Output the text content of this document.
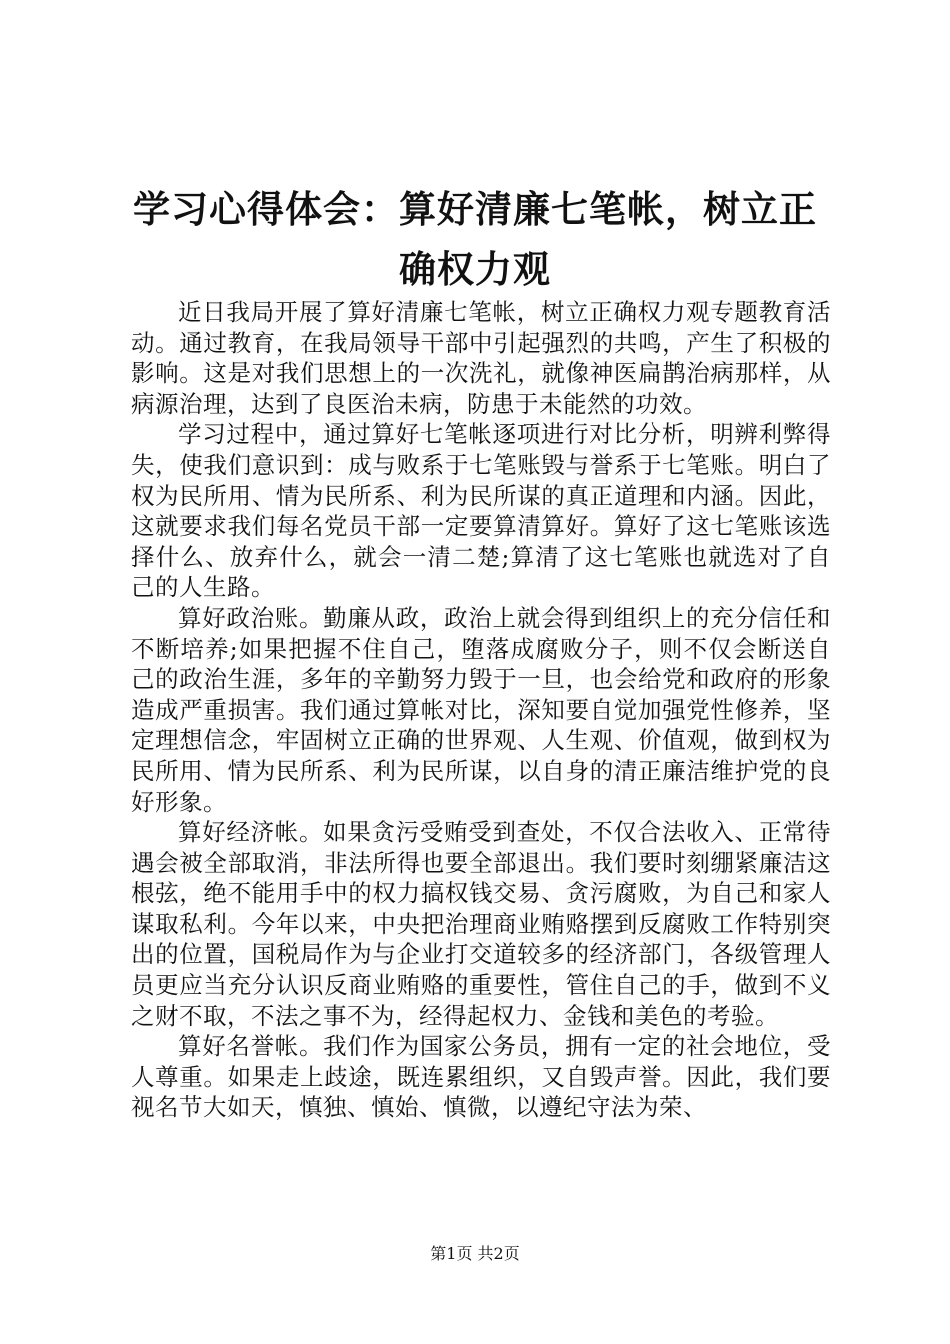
学习心得体会：算好清廉七笔帐，树立正确权力观

近日我局开展了算好清廉七笔帐，树立正确权力观专题教育活动。通过教育，在我局领导干部中引起强烈的共鸣，产生了积极的影响。这是对我们思想上的一次洗礼，就像神医扁鹊治病那样，从病源治理，达到了良医治未病，防患于未能然的功效。

学习过程中，通过算好七笔帐逐项进行对比分析，明辨利弊得失，使我们意识到：成与败系于七笔账毁与誉系于七笔账。明白了权为民所用、情为民所系、利为民所谋的真正道理和内涵。因此，这就要求我们每名党员干部一定要算清算好。算好了这七笔账该选择什么、放弃什么，就会一清二楚;算清了这七笔账也就选对了自己的人生路。

算好政治账。勤廉从政，政治上就会得到组织上的充分信任和不断培养;如果把握不住自己，堕落成腐败分子，则不仅会断送自己的政治生涯，多年的辛勤努力毁于一旦，也会给党和政府的形象造成严重损害。我们通过算帐对比，深知要自觉加强党性修养，坚定理想信念，牢固树立正确的世界观、人生观、价值观，做到权为民所用、情为民所系、利为民所谋，以自身的清正廉洁维护党的良好形象。

算好经济帐。如果贪污受贿受到查处，不仅合法收入、正常待遇会被全部取消，非法所得也要全部退出。我们要时刻绷紧廉洁这根弦，绝不能用手中的权力搞权钱交易、贪污腐败，为自己和家人谋取私利。今年以来，中央把治理商业贿赂摆到反腐败工作特别突出的位置，国税局作为与企业打交道较多的经济部门，各级管理人员更应当充分认识反商业贿赂的重要性，管住自己的手，做到不义之财不取，不法之事不为，经得起权力、金钱和美色的考验。

算好名誉帐。我们作为国家公务员，拥有一定的社会地位，受人尊重。如果走上歧途，既连累组织，又自毁声誉。因此，我们要视名节大如天，慎独、慎始、慎微，以遵纪守法为荣、

第1页 共2页
